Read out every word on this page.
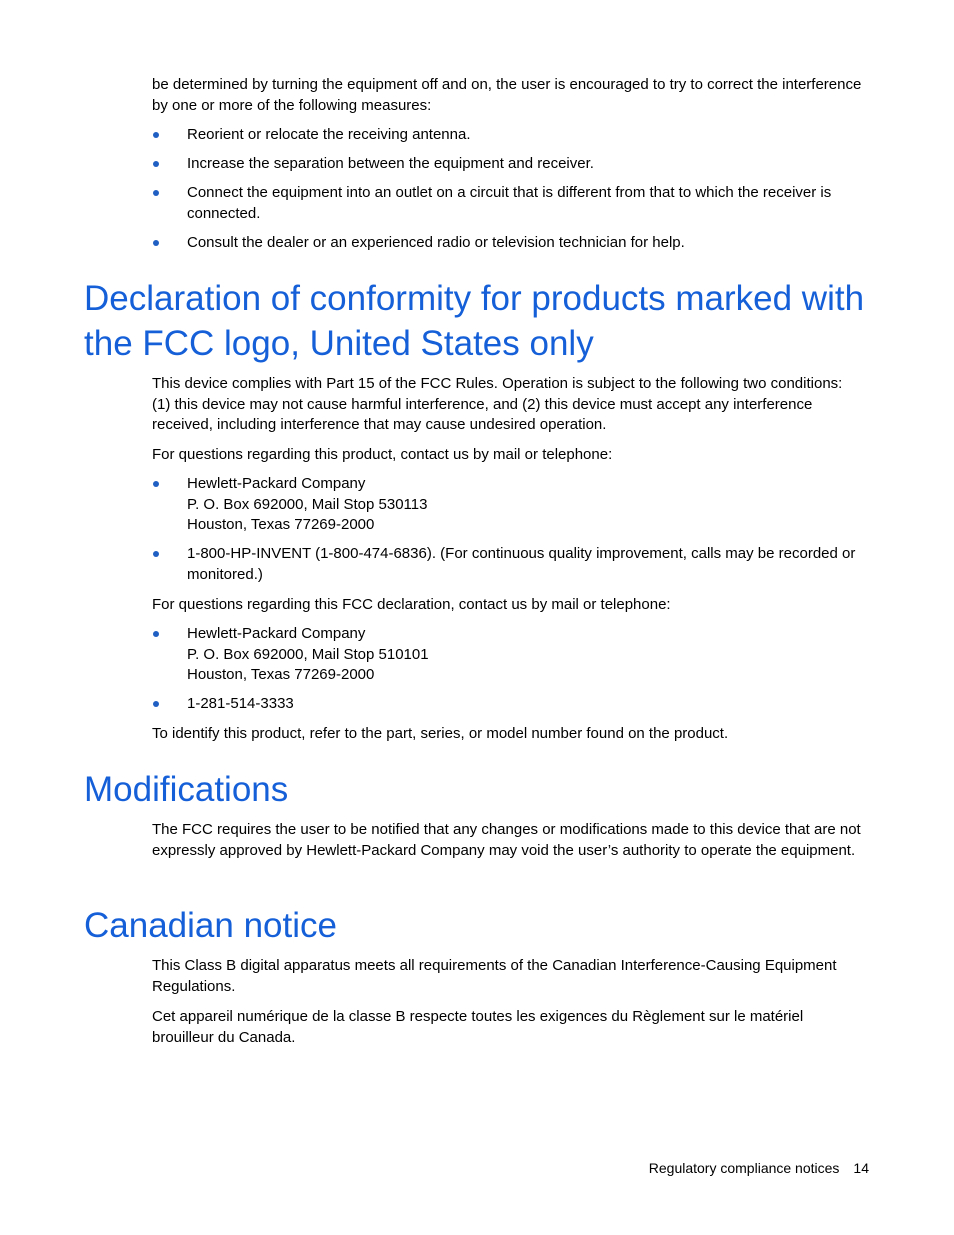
be determined by turning the equipment off and on, the user is encouraged to try to correct the interference by one or more of the following measures:

Reorient or relocate the receiving antenna.
Increase the separation between the equipment and receiver.
Connect the equipment into an outlet on a circuit that is different from that to which the receiver is connected.
Consult the dealer or an experienced radio or television technician for help.
Declaration of conformity for products marked with the FCC logo, United States only

This device complies with Part 15 of the FCC Rules. Operation is subject to the following two conditions: (1) this device may not cause harmful interference, and (2) this device must accept any interference received, including interference that may cause undesired operation.

For questions regarding this product, contact us by mail or telephone:

Hewlett-Packard Company
P. O. Box 692000, Mail Stop 530113
Houston, Texas 77269-2000
1-800-HP-INVENT (1-800-474-6836). (For continuous quality improvement, calls may be recorded or monitored.)

For questions regarding this FCC declaration, contact us by mail or telephone:

Hewlett-Packard Company
P. O. Box 692000, Mail Stop 510101
Houston, Texas 77269-2000
1-281-514-3333

To identify this product, refer to the part, series, or model number found on the product.

Modifications

The FCC requires the user to be notified that any changes or modifications made to this device that are not expressly approved by Hewlett-Packard Company may void the user’s authority to operate the equipment.

Canadian notice

This Class B digital apparatus meets all requirements of the Canadian Interference-Causing Equipment Regulations.

Cet appareil numérique de la classe B respecte toutes les exigences du Règlement sur le matériel brouilleur du Canada.

Regulatory compliance notices 14
